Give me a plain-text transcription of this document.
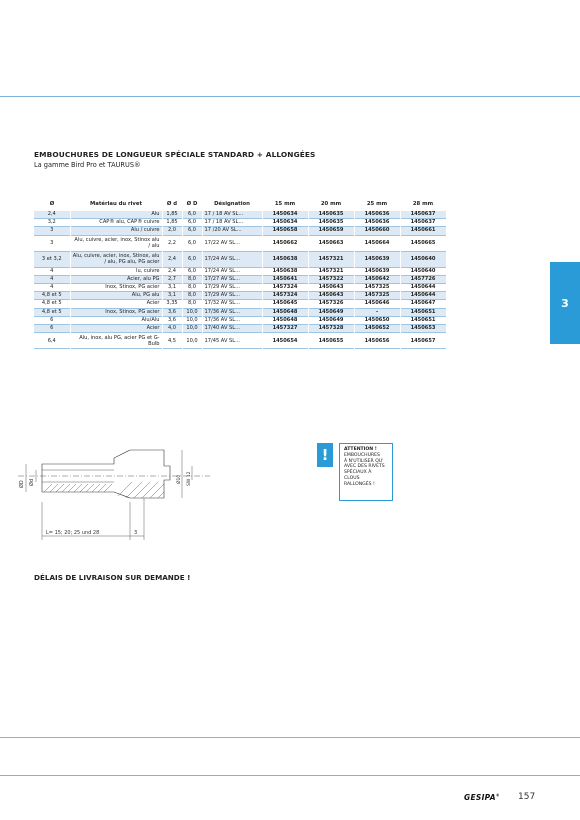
EMBOUCHURES DE LONGUEUR SPÉCIALE STANDARD + ALLONGÉES
La gamme Bird Pro et TAURUS®
3
Ø	Matériau du rivet	Ø d	Ø D	Désignation	15 mm	20 mm	25 mm	28 mm
2,4	Alu	1,85	6,0	17 / 18 AV SL...	1450634	1450635	1450636	1450637
3,2	CAP® alu, CAP® cuivre	1,85	6,0	17 / 18 AV SL...	1450634	1450635	1450636	1450637
3	Alu / cuivre	2,0	6,0	17 /20 AV SL...	1450658	1450659	1450660	1450661
3	Alu, cuivre, acier, inox, Stinox alu / alu	2,2	6,0	17/22 AV SL...	1450662	1450663	1450664	1450665
3 et 3,2	Alu, cuivre, acier, inox, Stinox, alu / alu, PG alu, PG acier	2,4	6,0	17/24 AV SL...	1450638	1457321	1450639	1450640
4	lu, cuivre	2,4	6,0	17/24 AV SL...	1450638	1457321	1450639	1450640
4	Acier, alu PG	2,7	8,0	17/27 AV SL...	1450641	1457322	1450642	1457726
4	Inox, Stinox, PG acier	3,1	8,0	17/29 AV SL...	1457324	1450643	1457325	1450644
4,8 et 5	Alu, PG alu	3,1	8,0	17/29 AV SL...	1457324	1450643	1457325	1450644
4,8 et 5	Acier	3,35	8,0	17/32 AV SL...	1450645	1457326	1450646	1450647
4,8 et 5	Inox, Stinox, PG acier	3,6	10,0	17/36 AV SL...	1450648	1450649	-	1450651
6	Alu/Alu	3,6	10,0	17/36 AV SL...	1450648	1450649	1450650	1450651
6	Acier	4,0	10,0	17/40 AV SL...	1457327	1457328	1450652	1450653
6,4	Alu, inox, alu PG, acier PG et G-Bulb	4,5	10,0	17/45 AV SL...	1450654	1450655	1450656	1450657
ØD Ød	Ø10 SW 12
L= 15; 20; 25 und 28	3
!	ATTENTION !
EMBOUCHURES
À N'UTILISER QU'
AVEC DES RIVETS
SPÉCIAUX À CLOUS
RALLONGÉS !
DÉLAIS DE LIVRAISON SUR DEMANDE !
GESIPA® 157
